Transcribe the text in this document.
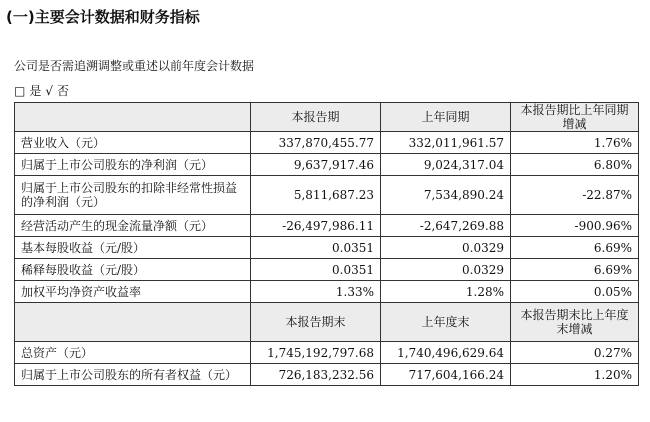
(一)主要会计数据和财务指标
公司是否需追溯调整或重述以前年度会计数据
□ 是 √ 否
	本报告期	上年同期	本报告期比上年同期增减
营业收入（元）	337,870,455.77	332,011,961.57	1.76%
归属于上市公司股东的净利润（元）	9,637,917.46	9,024,317.04	6.80%
归属于上市公司股东的扣除非经常性损益的净利润（元）	5,811,687.23	7,534,890.24	-22.87%
经营活动产生的现金流量净额（元）	-26,497,986.11	-2,647,269.88	-900.96%
基本每股收益（元/股）	0.0351	0.0329	6.69%
稀释每股收益（元/股）	0.0351	0.0329	6.69%
加权平均净资产收益率	1.33%	1.28%	0.05%
	本报告期末	上年度末	本报告期末比上年度末增减
总资产（元）	1,745,192,797.68	1,740,496,629.64	0.27%
归属于上市公司股东的所有者权益（元）	726,183,232.56	717,604,166.24	1.20%
